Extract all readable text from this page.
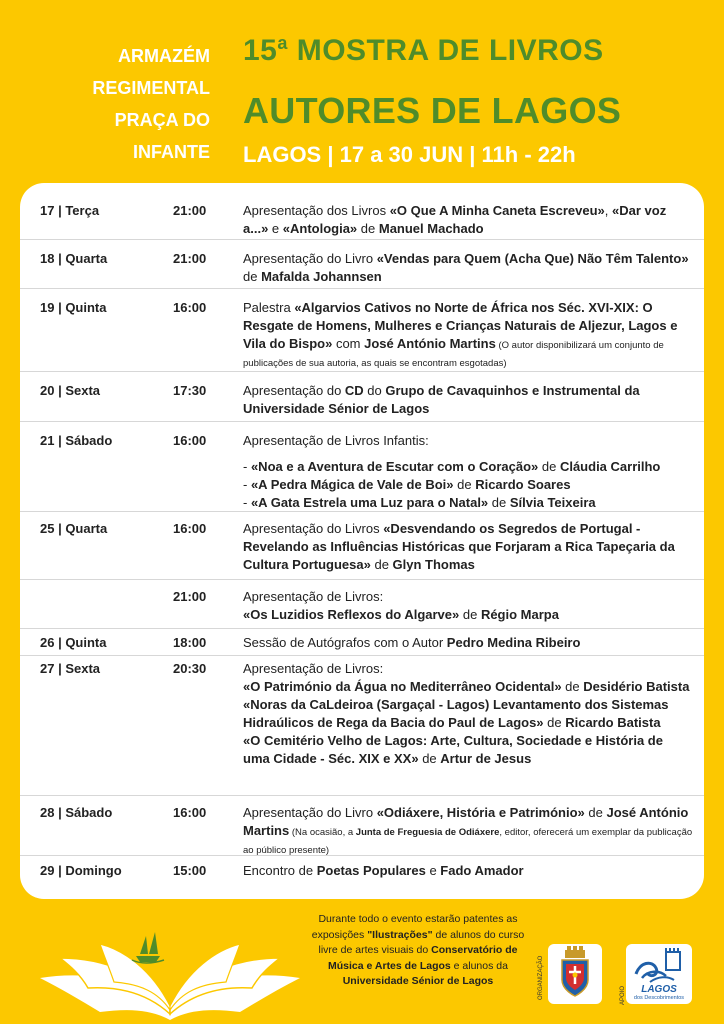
ARMAZÉM
REGIMENTAL
PRAÇA DO
INFANTE
15$^a$ MOSTRA DE LIVROS
AUTORES DE LAGOS
LAGOS | 17 a 30 JUN | 11h - 22h
17 | Terça	21:00	Apresentação dos Livros «O Que A Minha Caneta Escreveu», «Dar voz a...» e «Antologia» de Manuel Machado
18 | Quarta	21:00	Apresentação do Livro «Vendas para Quem (Acha Que) Não Têm Talento» de Mafalda Johannsen
19 | Quinta	16:00	Palestra «Algarvios Cativos no Norte de África nos Séc. XVI-XIX: O Resgate de Homens, Mulheres e Crianças Naturais de Aljezur, Lagos e Vila do Bispo» com José António Martins (O autor disponibilizará um conjunto de publicações de sua autoria, as quais se encontram esgotadas)
20 | Sexta	17:30	Apresentação do CD do Grupo de Cavaquinhos e Instrumental da Universidade Sénior de Lagos
21 | Sábado	16:00	Apresentação de Livros Infantis:
- «Noa e a Aventura de Escutar com o Coração» de Cláudia Carrilho
- «A Pedra Mágica de Vale de Boi» de Ricardo Soares
- «A Gata Estrela uma Luz para o Natal» de Sílvia Teixeira
25 | Quarta	16:00	Apresentação do Livros «Desvendando os Segredos de Portugal - Revelando as Influências Históricas que Forjaram a Rica Tapeçaria da Cultura Portuguesa» de Glyn Thomas
21:00	Apresentação de Livros:
«Os Luzidios Reflexos do Algarve» de Régio Marpa
26 | Quinta	18:00	Sessão de Autógrafos com o Autor Pedro Medina Ribeiro
27 | Sexta	20:30	Apresentação de Livros:
«O Património da Água no Mediterrâneo Ocidental» de Desidério Batista
«Noras da CaLdeiroa (Sargaçal - Lagos) Levantamento dos Sistemas Hidraúlicos de Rega da Bacia do Paul de Lagos» de Ricardo Batista
«O Cemitério Velho de Lagos: Arte, Cultura, Sociedade e História de uma Cidade - Séc. XIX e XX» de Artur de Jesus
28 | Sábado	16:00	Apresentação do Livro «Odiáxere, História e Património» de José António Martins (Na ocasião, a Junta de Freguesia de Odiáxere, editor, oferecerá um exemplar da publicação ao público presente)
29 | Domingo	15:00	Encontro de Poetas Populares e Fado Amador
Durante todo o evento estarão patentes as exposições "Ilustrações" de alunos do curso livre de artes visuais do Conservatório de Música e Artes de Lagos e alunos da Universidade Sénior de Lagos	ORGANIZAÇÃO	APOIO	LAGOS
dos Descobrimentos
